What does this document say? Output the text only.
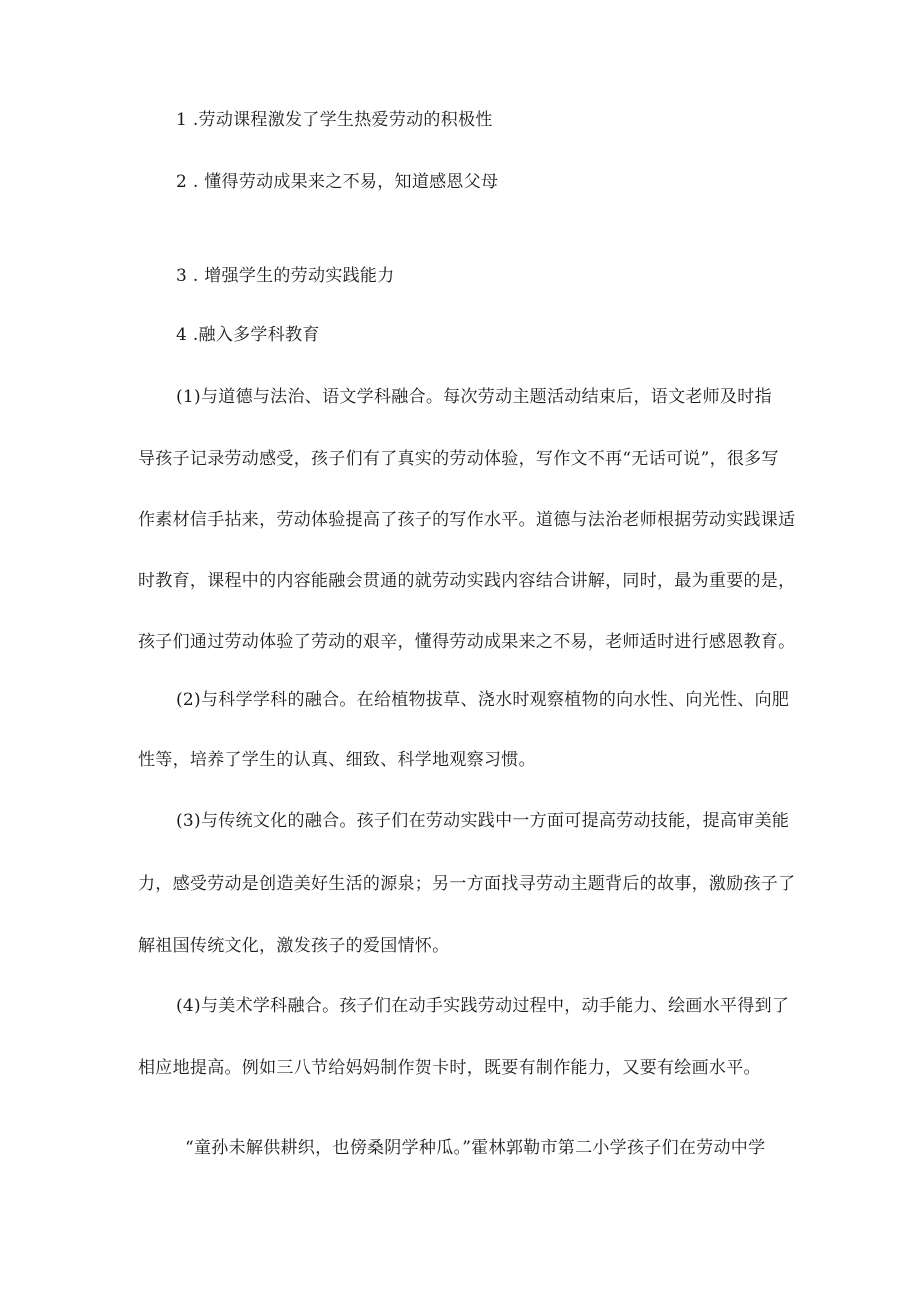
1 .劳动课程激发了学生热爱劳动的积极性
2 . 懂得劳动成果来之不易，知道感恩父母
3 . 增强学生的劳动实践能力
4 .融入多学科教育
(1)与道德与法治、语文学科融合。每次劳动主题活动结束后，语文老师及时指
导孩子记录劳动感受，孩子们有了真实的劳动体验，写作文不再“无话可说”，很多写
作素材信手拈来，劳动体验提高了孩子的写作水平。道德与法治老师根据劳动实践课适
时教育，课程中的内容能融会贯通的就劳动实践内容结合讲解，同时，最为重要的是，
孩子们通过劳动体验了劳动的艰辛，懂得劳动成果来之不易，老师适时进行感恩教育。
(2)与科学学科的融合。在给植物拔草、浇水时观察植物的向水性、向光性、向肥
性等，培养了学生的认真、细致、科学地观察习惯。
(3)与传统文化的融合。孩子们在劳动实践中一方面可提高劳动技能，提高审美能
力，感受劳动是创造美好生活的源泉；另一方面找寻劳动主题背后的故事，激励孩子了
解祖国传统文化，激发孩子的爱国情怀。
(4)与美术学科融合。孩子们在动手实践劳动过程中，动手能力、绘画水平得到了
相应地提高。例如三八节给妈妈制作贺卡时，既要有制作能力，又要有绘画水平。
“童孙未解供耕织，也傍桑阴学种瓜。”霍林郭勒市第二小学孩子们在劳动中学
